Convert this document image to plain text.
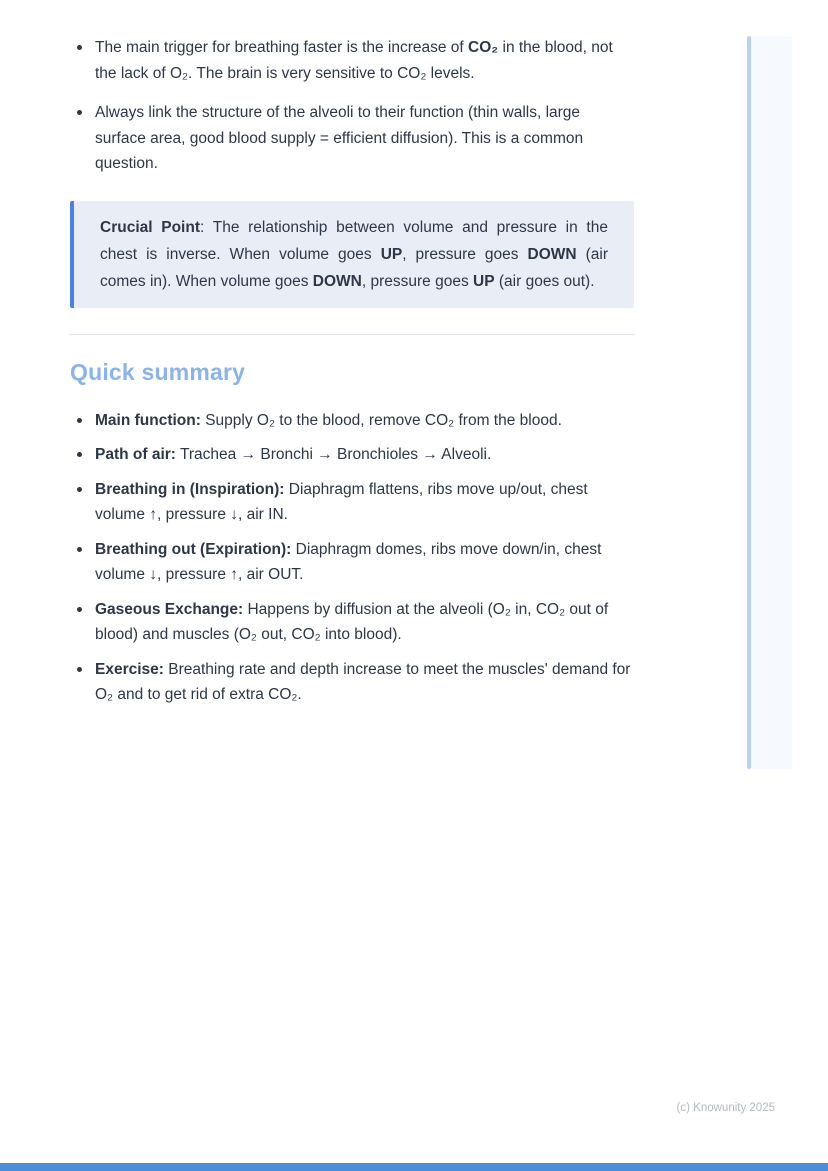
The main trigger for breathing faster is the increase of CO₂ in the blood, not the lack of O₂. The brain is very sensitive to CO₂ levels.
Always link the structure of the alveoli to their function (thin walls, large surface area, good blood supply = efficient diffusion). This is a common question.
Crucial Point: The relationship between volume and pressure in the chest is inverse. When volume goes UP, pressure goes DOWN (air comes in). When volume goes DOWN, pressure goes UP (air goes out).
Quick summary
Main function: Supply O₂ to the blood, remove CO₂ from the blood.
Path of air: Trachea → Bronchi → Bronchioles → Alveoli.
Breathing in (Inspiration): Diaphragm flattens, ribs move up/out, chest volume ↑, pressure ↓, air IN.
Breathing out (Expiration): Diaphragm domes, ribs move down/in, chest volume ↓, pressure ↑, air OUT.
Gaseous Exchange: Happens by diffusion at the alveoli (O₂ in, CO₂ out of blood) and muscles (O₂ out, CO₂ into blood).
Exercise: Breathing rate and depth increase to meet the muscles' demand for O₂ and to get rid of extra CO₂.
(c) Knowunity 2025
